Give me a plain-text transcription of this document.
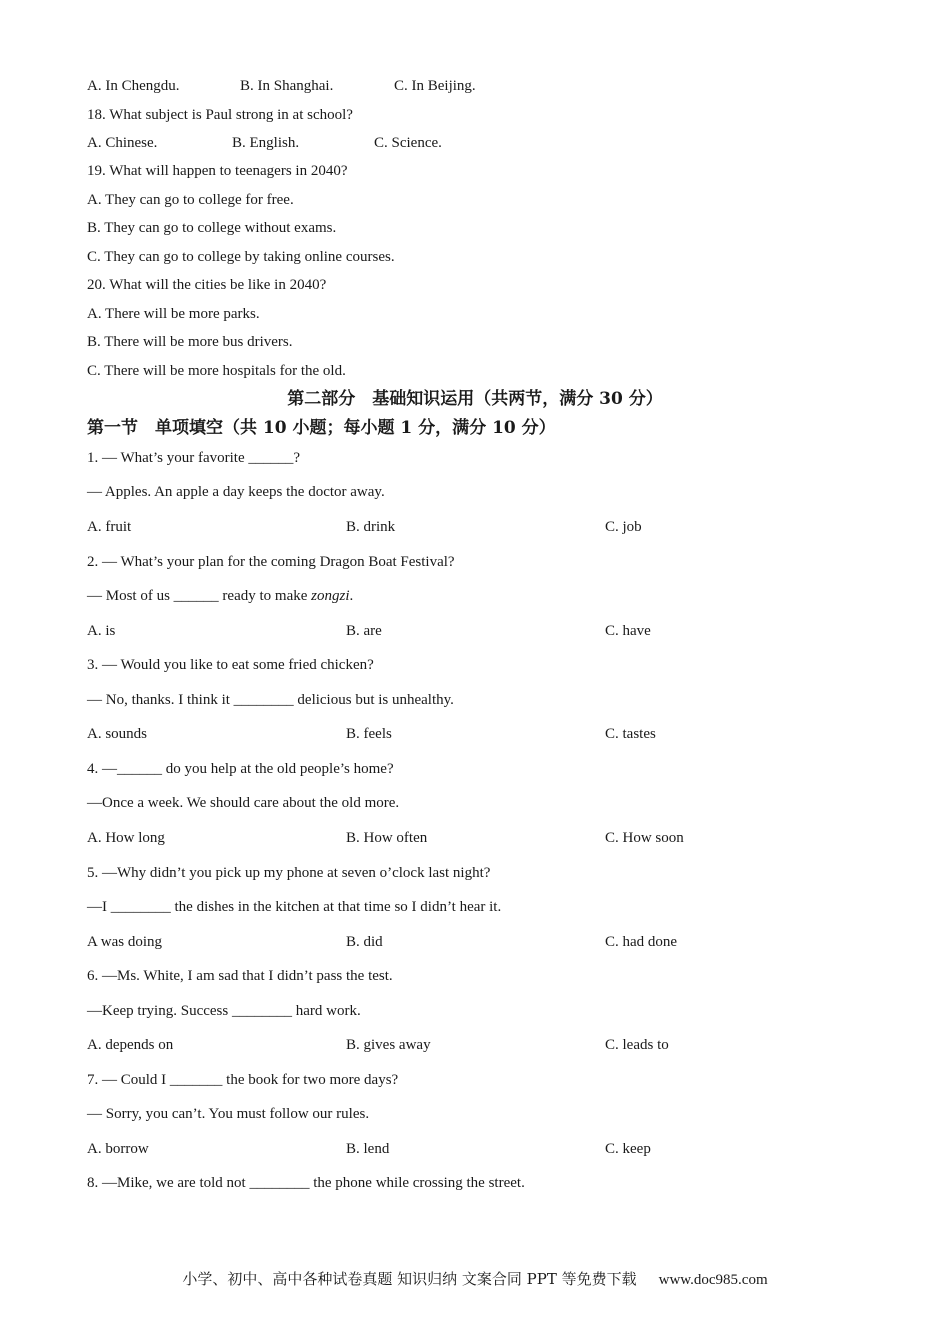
A. In Chengdu.	B. In Shanghai.	C. In Beijing.
18. What subject is Paul strong in at school?
A. Chinese.	B. English.	C. Science.
19. What will happen to teenagers in 2040?
A. They can go to college for free.
B. They can go to college without exams.
C. They can go to college by taking online courses.
20. What will the cities be like in 2040?
A. There will be more parks.
B. There will be more bus drivers.
C. There will be more hospitals for the old.
第二部分　基础知识运用（共两节，满分 30 分）
第一节　单项填空（共 10 小题；每小题 1 分，满分 10 分）
1. — What’s your favorite ______?
— Apples. An apple a day keeps the doctor away.
A. fruit	B. drink	C. job
2. — What’s your plan for the coming Dragon Boat Festival?
— Most of us ______ ready to make zongzi.
A. is	B. are	C. have
3. — Would you like to eat some fried chicken?
— No, thanks. I think it ________ delicious but is unhealthy.
A. sounds	B. feels	C. tastes
4. —______ do you help at the old people’s home?
—Once a week. We should care about the old more.
A. How long	B. How often	C. How soon
5. —Why didn’t you pick up my phone at seven o’clock last night?
—I ________ the dishes in the kitchen at that time so I didn’t hear it.
A was doing	B. did	C. had done
6. —Ms. White, I am sad that I didn’t pass the test.
—Keep trying. Success ________ hard work.
A. depends on	B. gives away	C. leads to
7. — Could I _______ the book for two more days?
— Sorry, you can’t. You must follow our rules.
A. borrow	B. lend	C. keep
8. —Mike, we are told not ________ the phone while crossing the street.
小学、初中、高中各种试卷真题 知识归纳 文案合同 PPT 等免费下载 www.doc985.com
